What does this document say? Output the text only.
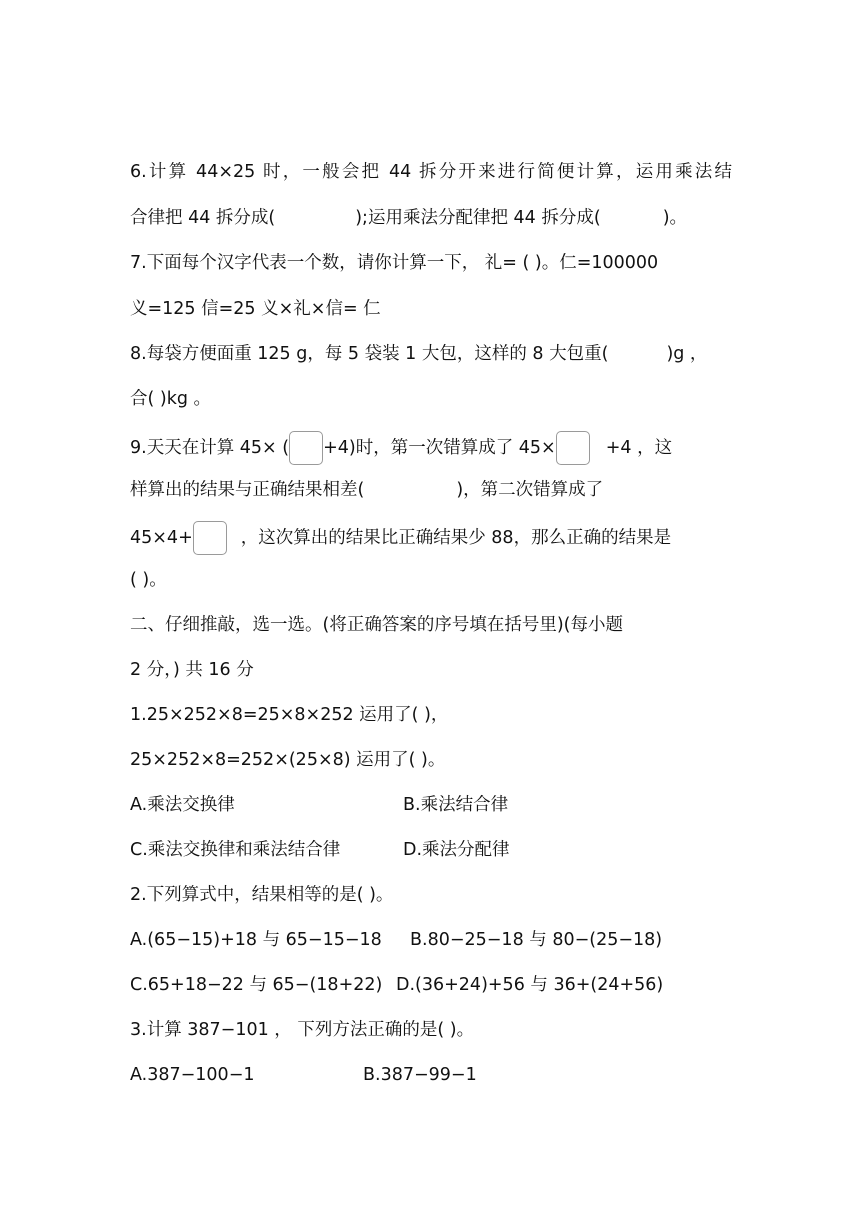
6.计算 44×25 时，一般会把 44 拆分开来进行简便计算，运用乘法结
合律把 44 拆分成(	);运用乘法分配律把 44 拆分成(	)。
7.下面每个汉字代表一个数，请你计算一下， 礼= ( )。仁=100000
义=125 信=25 义×礼×信= 仁
8.每袋方便面重 125 g，每 5 袋装 1 大包，这样的 8 大包重(	)g ，
合( )kg 。
9.天天在计算 45× ( +4)时，第一次错算成了 45×	+4 ，这
样算出的结果与正确结果相差(	)，第二次错算成了
45×4+	，这次算出的结果比正确结果少 88，那么正确的结果是
( )。
二、仔细推敲，选一选。(将正确答案的序号填在括号里)(每小题
2 分，) 共 16 分
1.25×252×8=25×8×252 运用了( )，
25×252×8=252×(25×8) 运用了( )。
A.乘法交换律	B.乘法结合律
C.乘法交换律和乘法结合律	D.乘法分配律
2.下列算式中，结果相等的是( )。
A.(65−15)+18 与 65−15−18 B.80−25−18 与 80−(25−18)
C.65+18−22 与 65−(18+22) D.(36+24)+56 与 36+(24+56)
3.计算 387−101 ， 下列方法正确的是( )。
A.387−100−1	B.387−99−1
